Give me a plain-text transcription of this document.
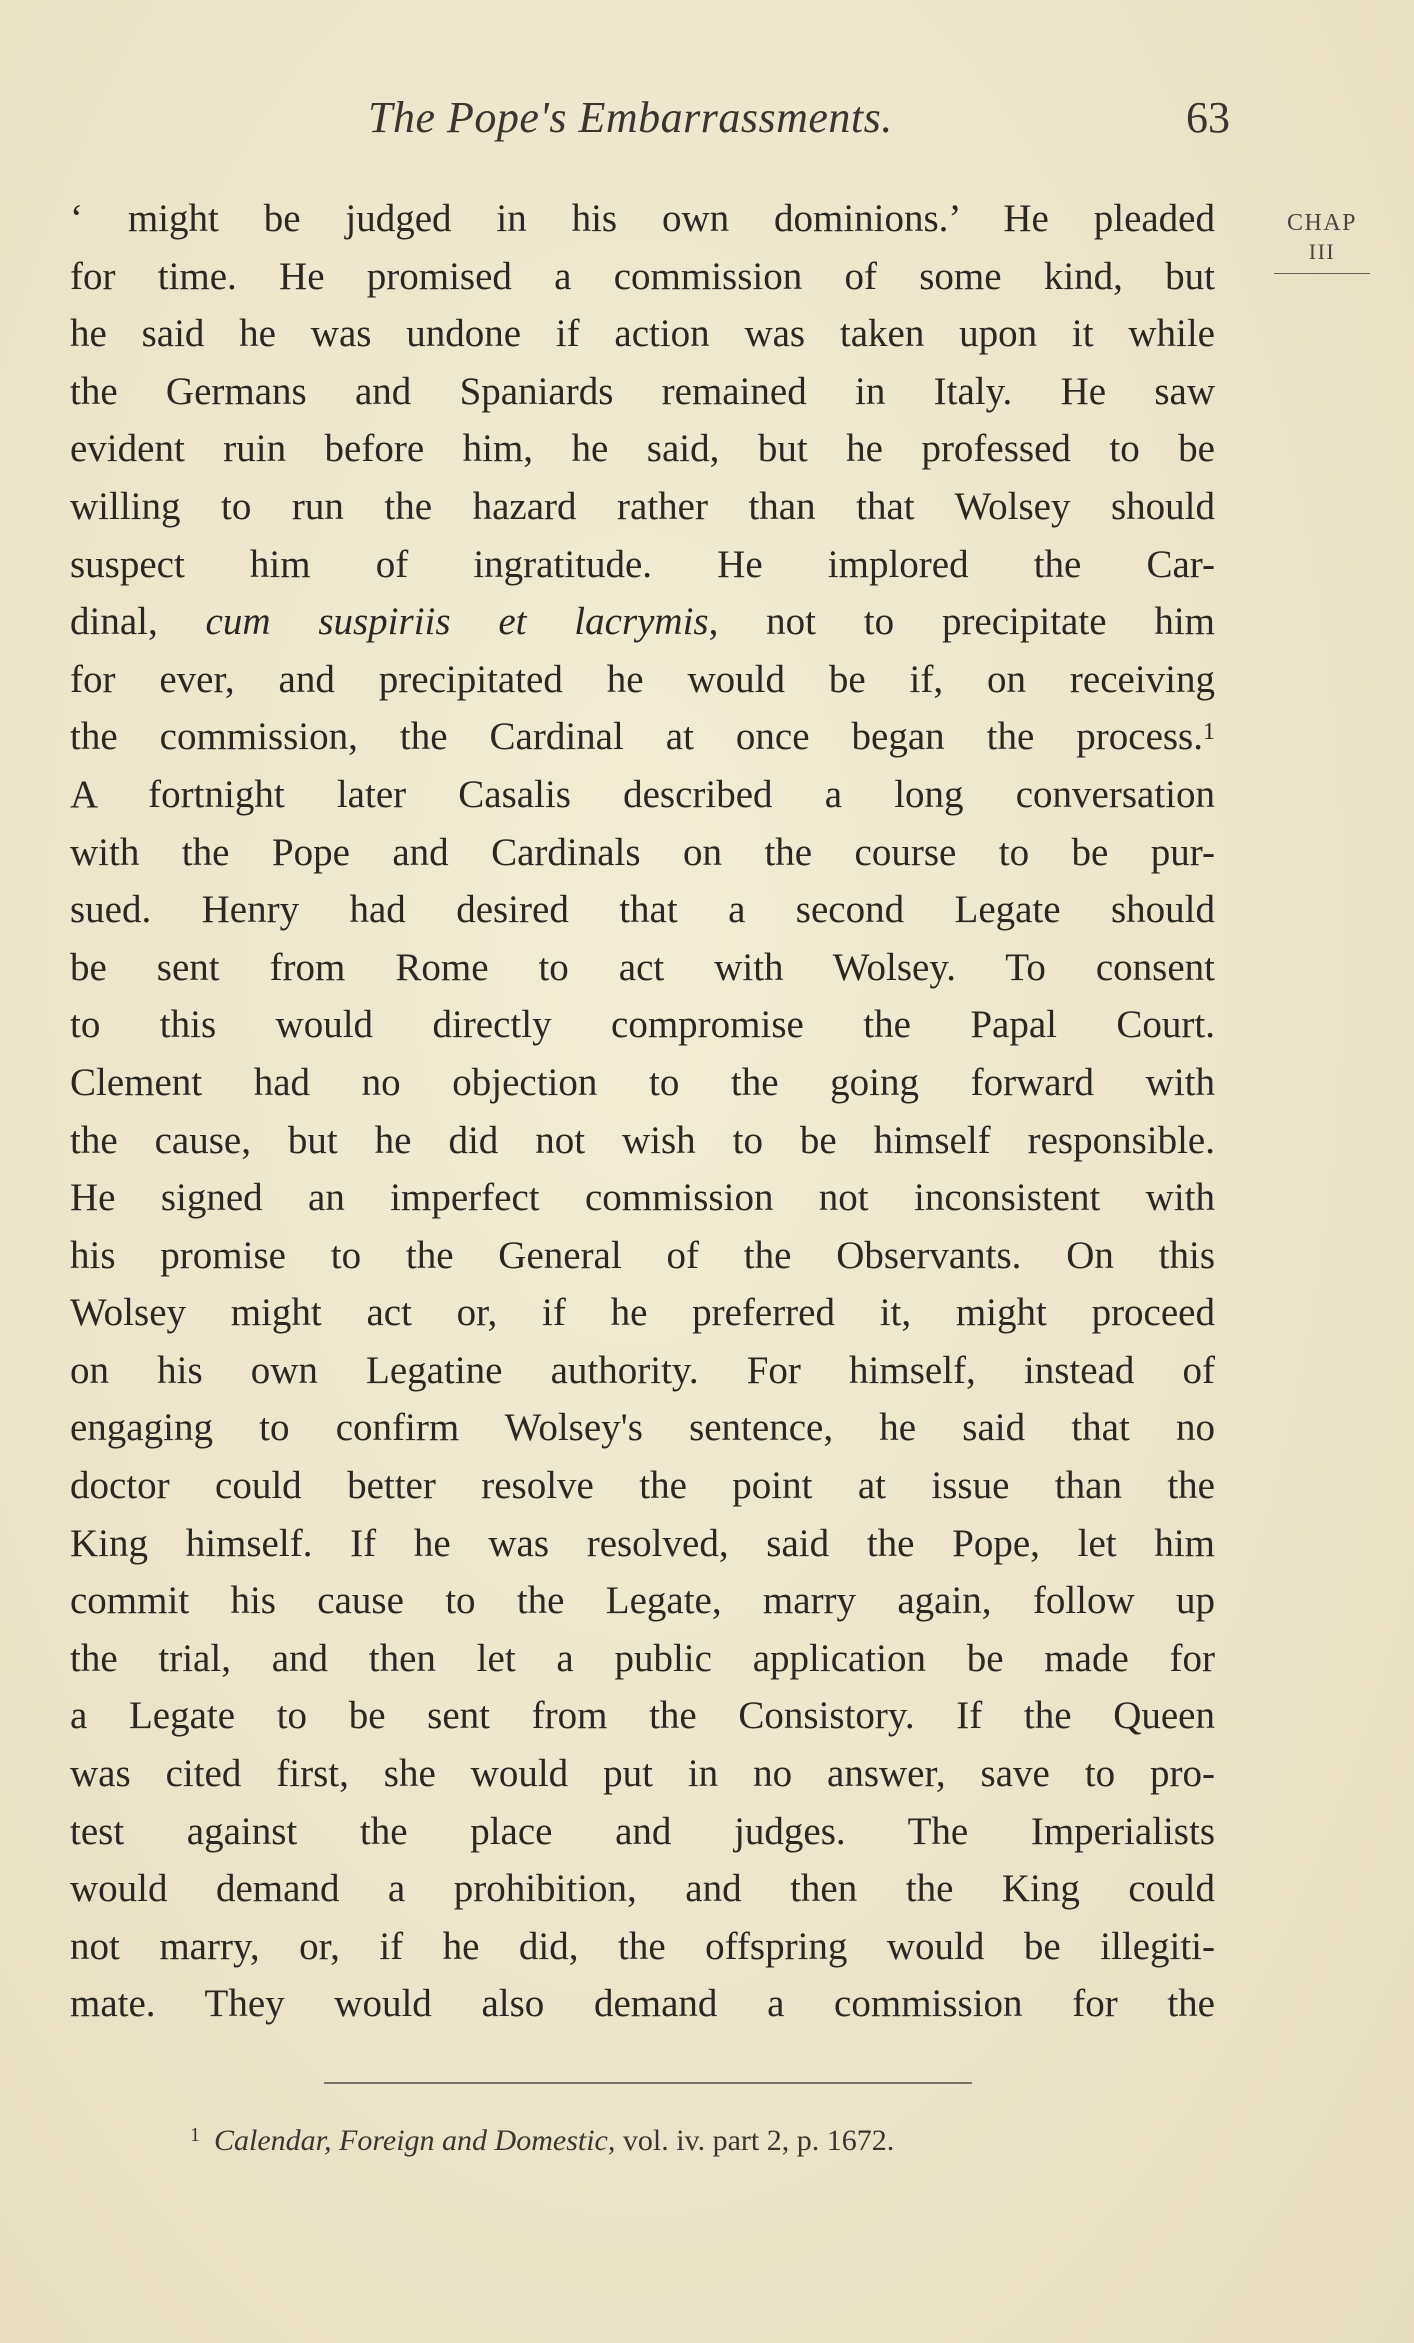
The Pope's Embarrassments.	63
CHAP
III
‘ might be judged in his own dominions.’ He pleaded
for time. He promised a commission of some kind, but
he said he was undone if action was taken upon it while
the Germans and Spaniards remained in Italy. He saw
evident ruin before him, he said, but he professed to be
willing to run the hazard rather than that Wolsey should
suspect him of ingratitude. He implored the Car-
dinal, cum suspiriis et lacrymis, not to precipitate him
for ever, and precipitated he would be if, on receiving
the commission, the Cardinal at once began the process.$^1$
A fortnight later Casalis described a long conversation
with the Pope and Cardinals on the course to be pur-
sued. Henry had desired that a second Legate should
be sent from Rome to act with Wolsey. To consent
to this would directly compromise the Papal Court.
Clement had no objection to the going forward with
the cause, but he did not wish to be himself responsible.
He signed an imperfect commission not inconsistent with
his promise to the General of the Observants. On this
Wolsey might act or, if he preferred it, might proceed
on his own Legatine authority. For himself, instead of
engaging to confirm Wolsey's sentence, he said that no
doctor could better resolve the point at issue than the
King himself. If he was resolved, said the Pope, let him
commit his cause to the Legate, marry again, follow up
the trial, and then let a public application be made for
a Legate to be sent from the Consistory. If the Queen
was cited first, she would put in no answer, save to pro-
test against the place and judges. The Imperialists
would demand a prohibition, and then the King could
not marry, or, if he did, the offspring would be illegiti-
mate. They would also demand a commission for the
$^1$ Calendar, Foreign and Domestic, vol. iv. part 2, p. 1672.
